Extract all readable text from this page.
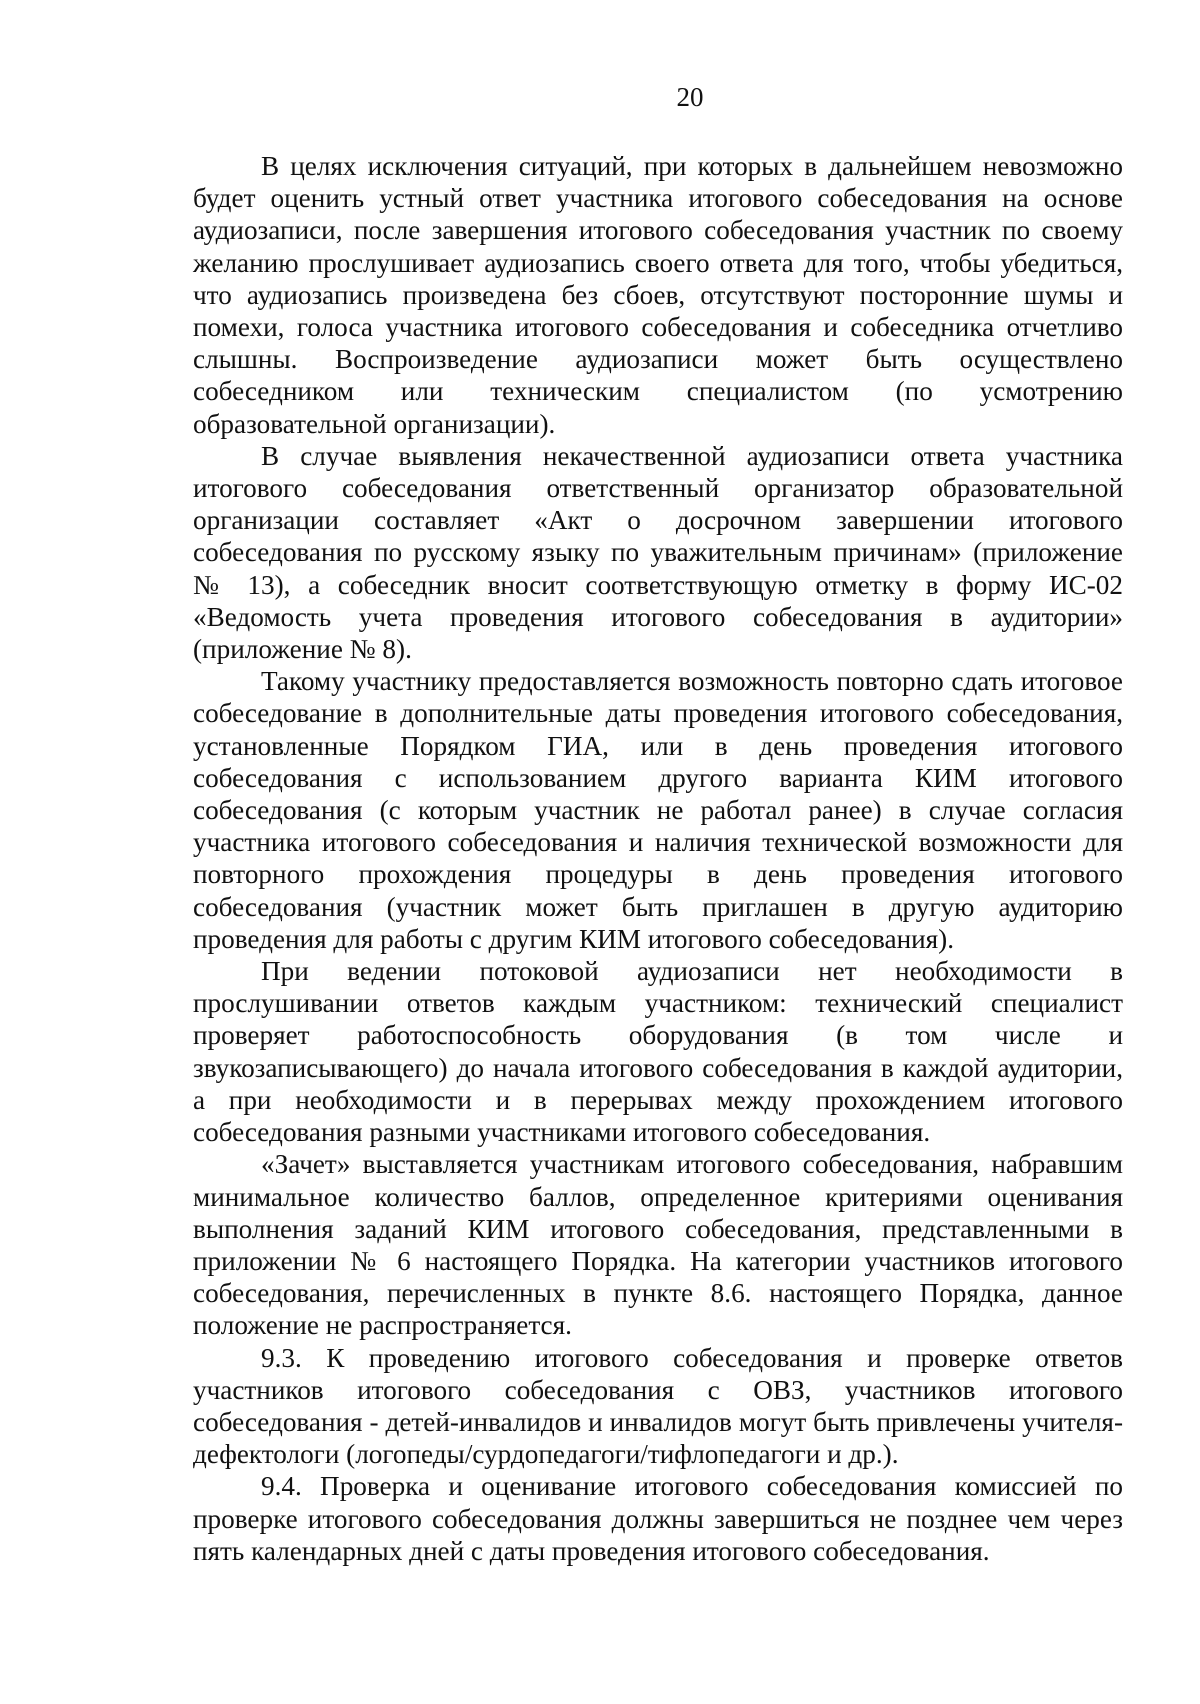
20

В целях исключения ситуаций, при которых в дальнейшем невозможно будет оценить устный ответ участника итогового собеседования на основе аудиозаписи, после завершения итогового собеседования участник по своему желанию прослушивает аудиозапись своего ответа для того, чтобы убедиться, что аудиозапись произведена без сбоев, отсутствуют посторонние шумы и помехи, голоса участника итогового собеседования и собеседника отчетливо слышны. Воспроизведение аудиозаписи может быть осуществлено собеседником или техническим специалистом (по усмотрению образовательной организации).

В случае выявления некачественной аудиозаписи ответа участника итогового собеседования ответственный организатор образовательной организации составляет «Акт о досрочном завершении итогового собеседования по русскому языку по уважительным причинам» (приложение № 13), а собеседник вносит соответствующую отметку в форму ИС-02 «Ведомость учета проведения итогового собеседования в аудитории» (приложение № 8).

Такому участнику предоставляется возможность повторно сдать итоговое собеседование в дополнительные даты проведения итогового собеседования, установленные Порядком ГИА, или в день проведения итогового собеседования с использованием другого варианта КИМ итогового собеседования (с которым участник не работал ранее) в случае согласия участника итогового собеседования и наличия технической возможности для повторного прохождения процедуры в день проведения итогового собеседования (участник может быть приглашен в другую аудиторию проведения для работы с другим КИМ итогового собеседования).

При ведении потоковой аудиозаписи нет необходимости в прослушивании ответов каждым участником: технический специалист проверяет работоспособность оборудования (в том числе и звукозаписывающего) до начала итогового собеседования в каждой аудитории, а при необходимости и в перерывах между прохождением итогового собеседования разными участниками итогового собеседования.

«Зачет» выставляется участникам итогового собеседования, набравшим минимальное количество баллов, определенное критериями оценивания выполнения заданий КИМ итогового собеседования, представленными в приложении № 6 настоящего Порядка. На категории участников итогового собеседования, перечисленных в пункте 8.6. настоящего Порядка, данное положение не распространяется.

9.3. К проведению итогового собеседования и проверке ответов участников итогового собеседования с ОВЗ, участников итогового собеседования - детей-инвалидов и инвалидов могут быть привлечены учителя-дефектологи (логопеды/сурдопедагоги/тифлопедагоги и др.).

9.4. Проверка и оценивание итогового собеседования комиссией по проверке итогового собеседования должны завершиться не позднее чем через пять календарных дней с даты проведения итогового собеседования.
